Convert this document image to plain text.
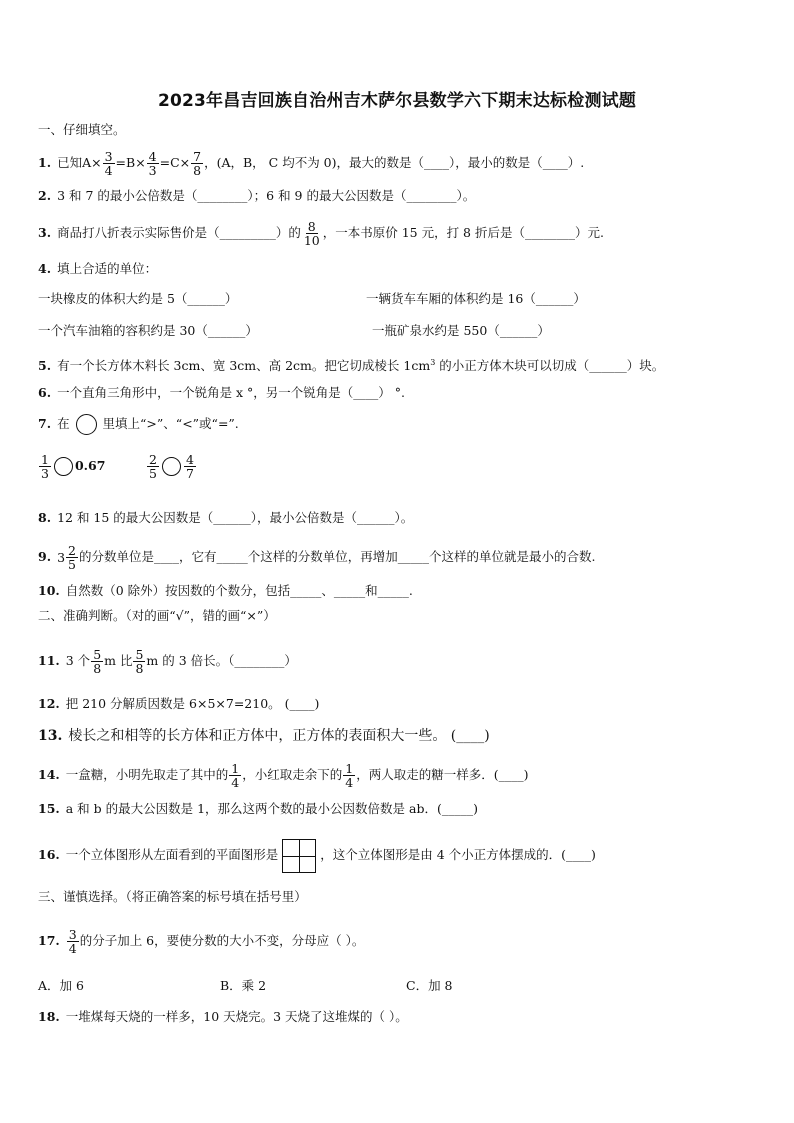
2023年昌吉回族自治州吉木萨尔县数学六下期末达标检测试题
一、仔细填空。
1. 已知$A\times \frac{3}{4} =B\times \frac{4}{3} =C\times \frac{7}{8}$ ，(A，B， C 均不为 0)，最大的数是（____），最小的数是（____）.
2. 3 和 7 的最小公倍数是（________）；6 和 9 的最大公因数是（________）。
3. 商品打八折表示实际售价是（_________）的 $\frac{8}{10}$ ，一本书原价 15 元，打 8 折后是（________）元.
4. 填上合适的单位：
一块橡皮的体积大约是 5（______）	一辆货车车厢的体积约是 16（______）
一个汽车油箱的容积约是 30（______）	一瓶矿泉水约是 550（______）
5. 有一个长方体木料长 3cm、宽 3cm、高 2cm。把它切成棱长 $1cm^3$ 的小正方体木块可以切成（______）块。
6. 一个直角三角形中，一个锐角是 x °，另一个锐角是（____） °.
7. 在	里填上“>”、“<”或“=”.
$\frac{1}{3} 0.67$	$\frac{2}{5} \frac{4}{7}$
8. 12 和 15 的最大公因数是（______），最小公倍数是（______）。
9. $3 \frac{2}{5}$ 的分数单位是____，它有_____个这样的分数单位，再增加_____个这样的单位就是最小的合数.
10. 自然数（0 除外）按因数的个数分，包括_____、_____和_____.
二、准确判断。（对的画“√”，错的画“×”）
11. 3 个 $\frac{5}{8}$ m 比 $\frac{5}{8}$ m 的 3 倍长。（________）
12. 把 210 分解质因数是 6×5×7=210。 (____)
13. 棱长之和相等的长方体和正方体中，正方体的表面积大一些。 (____)
14. 一盒糖，小明先取走了其中的 $\frac{1}{4}$ ，小红取走余下的 $\frac{1}{4}$ ，两人取走的糖一样多．(____)
15. a 和 b 的最大公因数是 1，那么这两个数的最小公因数倍数是 ab．(_____)
16. 一个立体图形从左面看到的平面图形是	，这个立体图形是由 4 个小正方体摆成的．(____)
三、谨慎选择。（将正确答案的标号填在括号里）
17. $\frac{3}{4}$ 的分子加上 6，要使分数的大小不变，分母应（ ）。
A．加 6	B．乘 2	C．加 8
18. 一堆煤每天烧的一样多，10 天烧完。3 天烧了这堆煤的（ ）。
